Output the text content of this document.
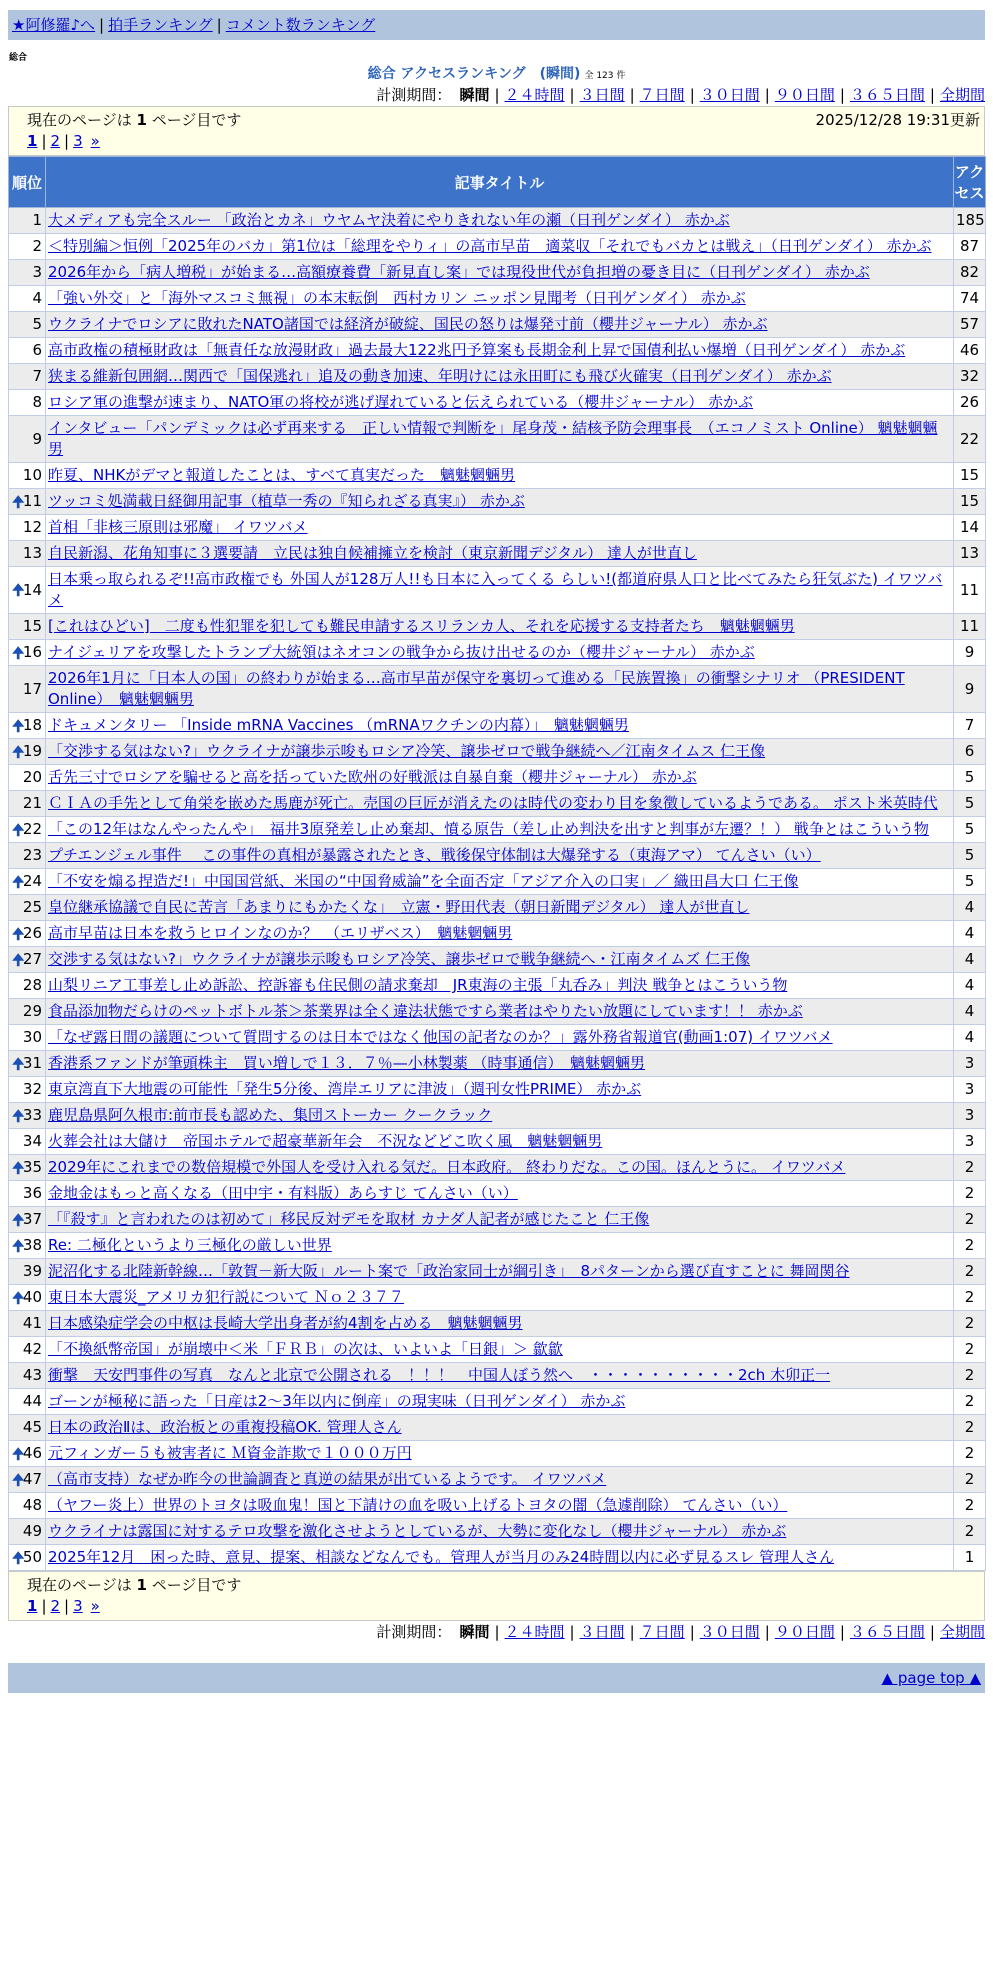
★阿修羅♪へ | 拍手ランキング | コメント数ランキング
総合
総合 アクセスランキング　(瞬間) 全 123 件
計測期間： 瞬間 | ２４時間 | ３日間 | ７日間 | ３０日間 | ９０日間 | ３６５日間 | 全期間
現在のページは 1 ページ目です	2025/12/28 19:31更新
1 | 2 | 3 »
順位	記事タイトル	アクセス
1	大メディアも完全スルー 「政治とカネ」ウヤムヤ決着にやりきれない年の瀬（日刊ゲンダイ） 赤かぶ	185
2	＜特別編＞恒例「2025年のバカ」第1位は「総理をやりィ」の高市早苗　適菜収「それでもバカとは戦え」（日刊ゲンダイ） 赤かぶ	87
3	2026年から「病人増税」が始まる…高額療養費「新見直し案」では現役世代が負担増の憂き目に（日刊ゲンダイ） 赤かぶ	82
4	「強い外交」と「海外マスコミ無視」の本末転倒　西村カリン ニッポン見聞考（日刊ゲンダイ） 赤かぶ	74
5	ウクライナでロシアに敗れたNATO諸国では経済が破綻、国民の怒りは爆発寸前（櫻井ジャーナル） 赤かぶ	57
6	高市政権の積極財政は「無責任な放漫財政」過去最大122兆円予算案も長期金利上昇で国債利払い爆増（日刊ゲンダイ） 赤かぶ	46
7	狭まる維新包囲網…関西で「国保逃れ」追及の動き加速、年明けには永田町にも飛び火確実（日刊ゲンダイ） 赤かぶ	32
8	ロシア軍の進撃が速まり、NATO軍の将校が逃げ遅れていると伝えられている（櫻井ジャーナル） 赤かぶ	26
9	インタビュー「パンデミックは必ず再来する　正しい情報で判断を」尾身茂・結核予防会理事長　（エコノミスト Online） 魑魅魍魎男	22
10	昨夏、NHKがデマと報道したことは、すべて真実だった　魑魅魍魎男	15

🠉
11	ツッコミ処満載日経御用記事（植草一秀の『知られざる真実』） 赤かぶ	15
12	首相「非核三原則は邪魔」 イワツバメ	14
13	自民新潟、花角知事に３選要請　立民は独自候補擁立を検討（東京新聞デジタル） 達人が世直し	13

🠉
14	日本乗っ取られるぞ!!高市政権でも 外国人が128万人!!も日本に入ってくる らしい!(都道府県人口と比べてみたら狂気ぶた) イワツバメ	11
15	[これはひどい]　二度も性犯罪を犯しても難民申請するスリランカ人、それを応援する支持者たち　魑魅魍魎男	11

🠉
16	ナイジェリアを攻撃したトランプ大統領はネオコンの戦争から抜け出せるのか（櫻井ジャーナル） 赤かぶ	9
17	2026年1月に「日本人の国」の終わりが始まる…高市早苗が保守を裏切って進める「民族置換」の衝撃シナリオ （PRESIDENT Online）　魑魅魍魎男	9

🠉
18	ドキュメンタリー 「Inside mRNA Vaccines （mRNAワクチンの内幕）」　魑魅魍魎男	7

🠉
19	「交渉する気はない?」ウクライナが譲歩示唆もロシア冷笑、譲歩ゼロで戦争継続へ／江南タイムス 仁王像	6
20	舌先三寸でロシアを騙せると高を括っていた欧州の好戦派は自暴自棄（櫻井ジャーナル） 赤かぶ	5
21	ＣＩＡの手先として角栄を嵌めた馬鹿が死亡。売国の巨匠が消えたのは時代の変わり目を象徴しているようである。 ポスト米英時代	5

🠉
22	「この12年はなんやったんや」　福井3原発差し止め棄却、憤る原告（差し止め判決を出すと判事が左遷？！） 戦争とはこういう物	5
23	プチエンジェル事件　 この事件の真相が暴露されたとき、戦後保守体制は大爆発する（東海アマ） てんさい（い）	5

🠉
24	「不安を煽る捏造だ!」中国国営紙、米国の“中国脅威論”を全面否定「アジア介入の口実」／ 織田昌大口 仁王像	5
25	皇位継承協議で自民に苦言「あまりにもかたくな」　立憲・野田代表（朝日新聞デジタル） 達人が世直し	4

🠉
26	高市早苗は日本を救うヒロインなのか？　（エリザベス）　魑魅魍魎男	4

🠉
27	交渉する気はない?」ウクライナが譲歩示唆もロシア冷笑、譲歩ゼロで戦争継続へ・江南タイムズ 仁王像	4
28	山梨リニア工事差し止め訴訟、控訴審も住民側の請求棄却　JR東海の主張「丸呑み」判決 戦争とはこういう物	4
29	食品添加物だらけのペットボトル茶＞茶業界は全く違法状態ですら業者はやりたい放題にしています！！ 赤かぶ	4
30	「なぜ露日間の議題について質問するのは日本ではなく他国の記者なのか？」露外務省報道官(動画1:07) イワツバメ	4

🠉
31	香港系ファンドが筆頭株主　買い増しで１３．７％—小林製薬 （時事通信）　魑魅魍魎男	3
32	東京湾直下大地震の可能性「発生5分後、湾岸エリアに津波」（週刊女性PRIME） 赤かぶ	3

🠉
33	鹿児島県阿久根市:前市長も認めた、集団ストーカー クークラック	3
34	火葬会社は大儲け　帝国ホテルで超豪華新年会　不況などどこ吹く風　魑魅魍魎男	3

🠉
35	2029年にこれまでの数倍規模で外国人を受け入れる気だ。日本政府。 終わりだな。この国。ほんとうに。 イワツバメ	2
36	金地金はもっと高くなる（田中宇・有料版）あらすじ てんさい（い）	2

🠉
37	「『殺す』と言われたのは初めて」移民反対デモを取材 カナダ人記者が感じたこと 仁王像	2

🠉
38	Re: 二極化というより三極化の厳しい世界	2
39	泥沼化する北陸新幹線…「敦賀－新大阪」ルート案で「政治家同士が綱引き」　8パターンから選び直すことに 舞岡関谷	2

🠉
40	東日本大震災_アメリカ犯行説について Ｎｏ２３７７	2
41	日本感染症学会の中枢は長崎大学出身者が約4割を占める　魑魅魍魎男	2
42	「不換紙幣帝国」が崩壊中＜米「ＦＲＢ」の次は、いよいよ「日銀」＞ 歙歙	2
43	衝撃　天安門事件の写真　なんと北京で公開される　！！！　中国人ぼう然へ　・・・・・・・・・・2ch 木卯正一	2
44	ゴーンが極秘に語った「日産は2～3年以内に倒産」の現実味（日刊ゲンダイ） 赤かぶ	2
45	日本の政治Ⅱは、政治板との重複投稿OK. 管理人さん	2

🠉
46	元フィンガー５も被害者に Ｍ資金詐欺で１０００万円	2

🠉
47	（高市支持）なぜか昨今の世論調査と真逆の結果が出ているようです。 イワツバメ	2
48	（ヤフー炎上）世界のトヨタは吸血鬼！国と下請けの血を吸い上げるトヨタの闇（急遽削除） てんさい（い）	2
49	ウクライナは露国に対するテロ攻撃を激化させようとしているが、大勢に変化なし（櫻井ジャーナル） 赤かぶ	2

🠉
50	2025年12月　困った時、意見、提案、相談などなんでも。管理人が当月のみ24時間以内に必ず見るスレ 管理人さん	1
現在のページは 1 ページ目です
1 | 2 | 3 »
計測期間： 瞬間 | ２４時間 | ３日間 | ７日間 | ３０日間 | ９０日間 | ３６５日間 | 全期間
▲ page top ▲
